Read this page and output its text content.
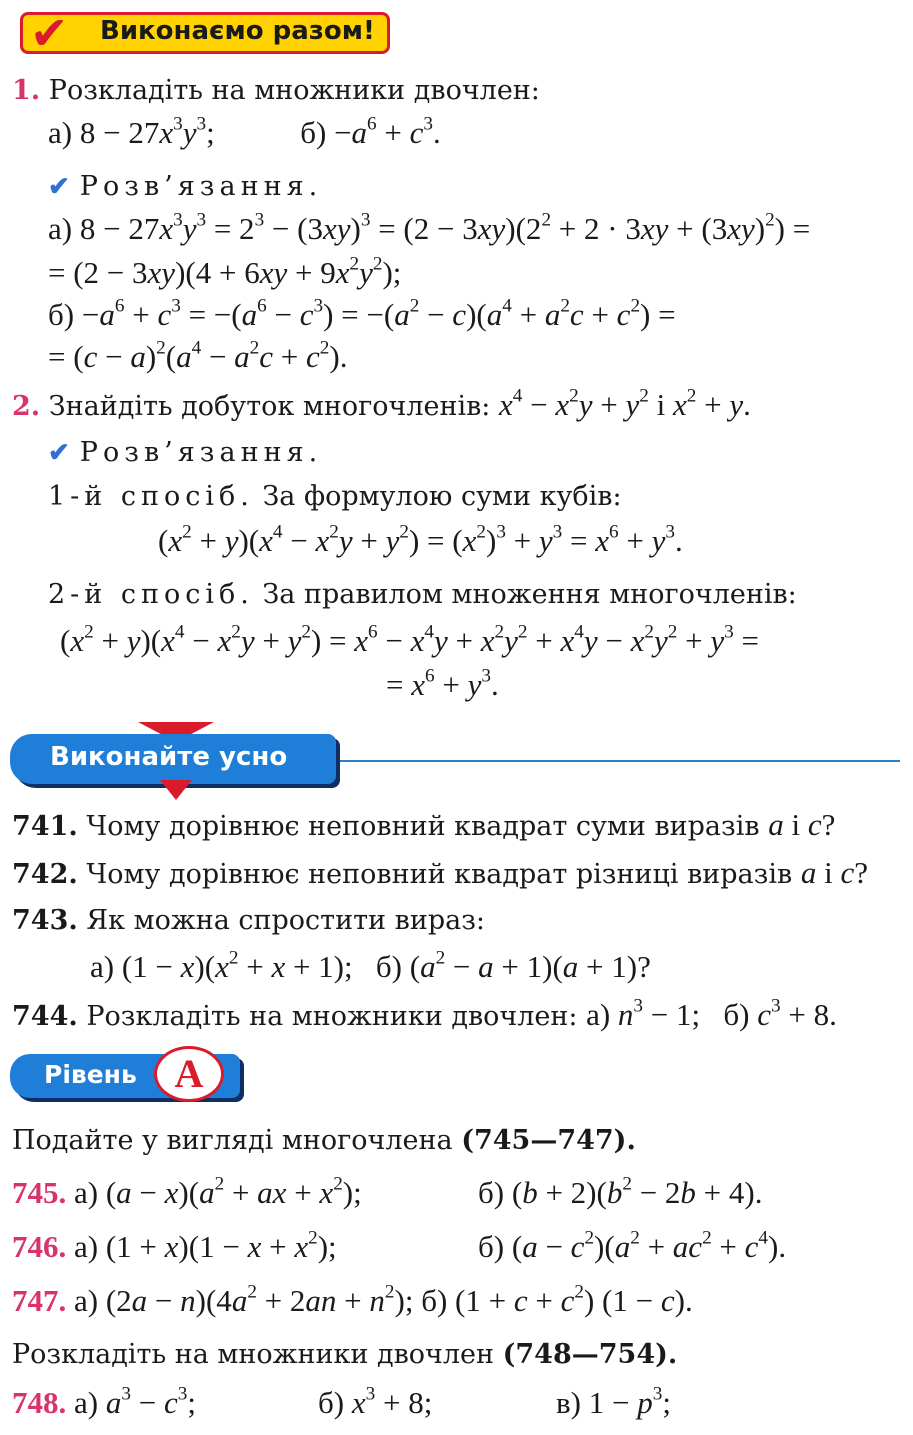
✔ Виконаємо разом!
1. Розкладіть на множники двочлен:
а) $8 - 27x^3y^3$;	$б) -a^6 + c^3$.
✔ Розв’язання.
а) $8 - 27x^3y^3 = 2^3 - (3xy)^3 = (2 - 3xy)(2^2 + 2 \cdot 3xy + (3xy)^2)$ =
= $(2 - 3xy)(4 + 6xy + 9x^2y^2)$;
$б) -a^6 + c^3 = -(a^6 - c^3) = -(a^2 - c)(a^4 + a^2c + c^2)$ =
= $(c - a)^2(a^4 - a^2c + c^2)$.
2. Знайдіть добуток многочленів: $x^4 - x^2y + y^2$ і $x^2 + y$.
✔ Розв’язання.
1-й спосіб. За формулою суми кубів:
$(x^2 + y)(x^4 - x^2y + y^2) = (x^2)^3 + y^3 = x^6 + y^3$.
2-й спосіб. За правилом множення многочленів:
$(x^2 + y)(x^4 - x^2y + y^2) = x^6 - x^4y + x^2y^2 + x^4y - x^2y^2 + y^3$ =
= $x^6 + y^3$.
Виконайте усно
741. Чому дорівнює неповний квадрат суми виразів a і c?
742. Чому дорівнює неповний квадрат різниці виразів a і c?
743. Як можна спростити вираз:
а) $(1 - x)(x^2 + x + 1)$;   б) $(a^2 - a + 1)(a + 1)$?
744. Розкладіть на множники двочлен: а) $n^3 - 1$;   б) $c^3 + 8$.
Рівень A
Подайте у вигляді многочлена (745—747).
745. а) $(a - x)(a^2$ + ax + $x^2$);	б) $(b + 2)(b^2 - 2b + 4)$.
746. а) $(1 + x)(1 - x + x^2)$;	б) $(a - c^2)(a^2 + ac^2 + c^4)$.
747. а) $(2a - n)(4a^2 + 2an + n^2)$; б) $(1 + c + c^2)$ (1 − c).
Розкладіть на множники двочлен (748—754).
748. а) $a^3 - c^3$;	б) $x^3 + 8$;	в) $1 - p^3$;
